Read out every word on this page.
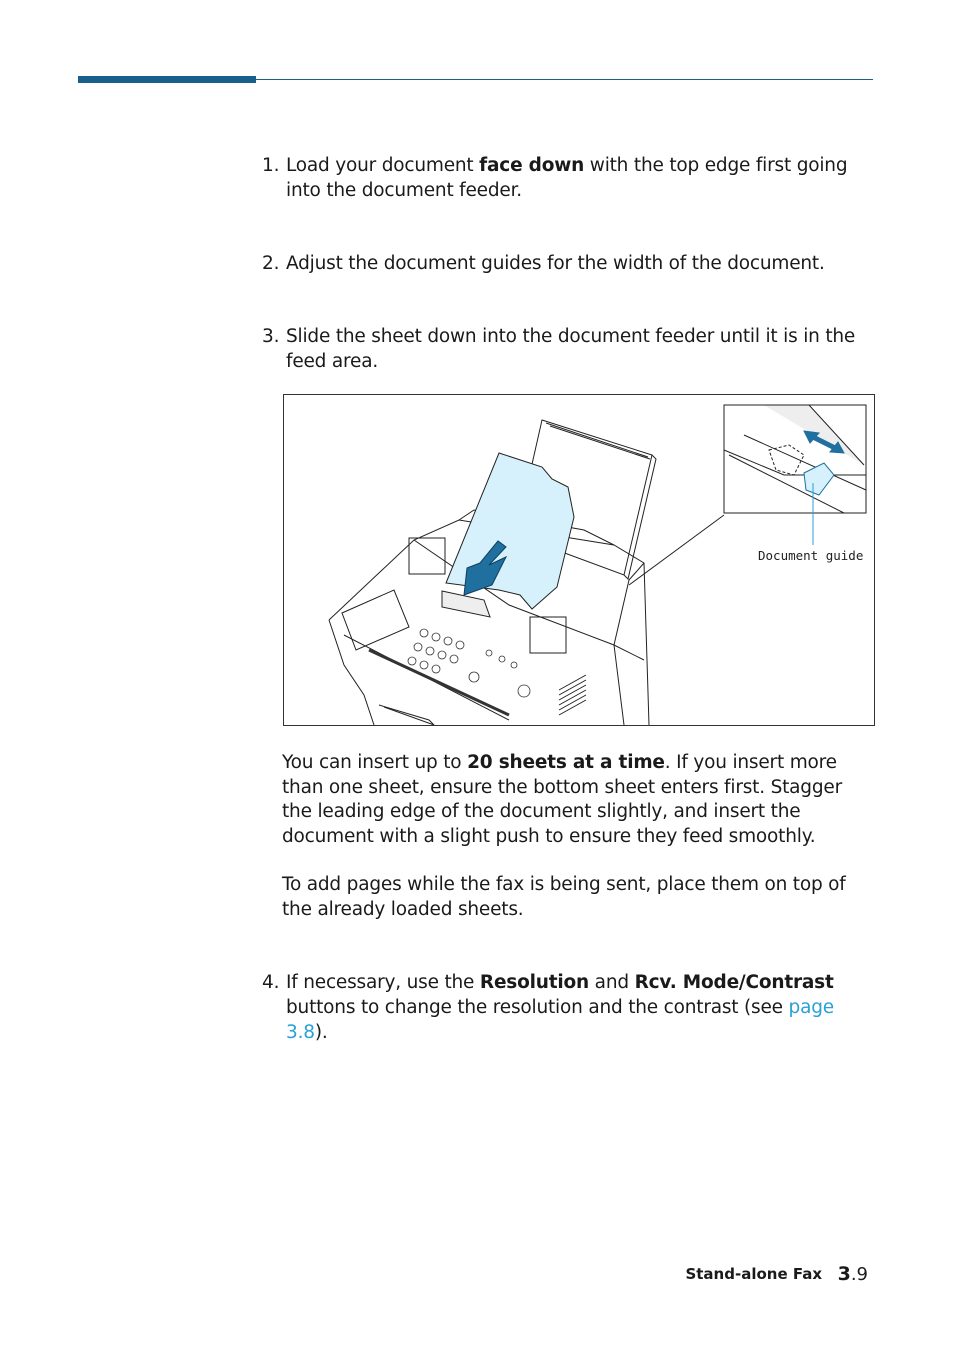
1. Load your document face down with the top edge first going into the document feeder.
2. Adjust the document guides for the width of the document.
3. Slide the sheet down into the document feeder until it is in the feed area.
Document guide
You can insert up to 20 sheets at a time. If you insert more than one sheet, ensure the bottom sheet enters first. Stagger the leading edge of the document slightly, and insert the document with a slight push to ensure they feed smoothly.
To add pages while the fax is being sent, place them on top of the already loaded sheets.
4. If necessary, use the Resolution and Rcv. Mode/Contrast buttons to change the resolution and the contrast (see page 3.8).
Stand-alone Fax 3.9
